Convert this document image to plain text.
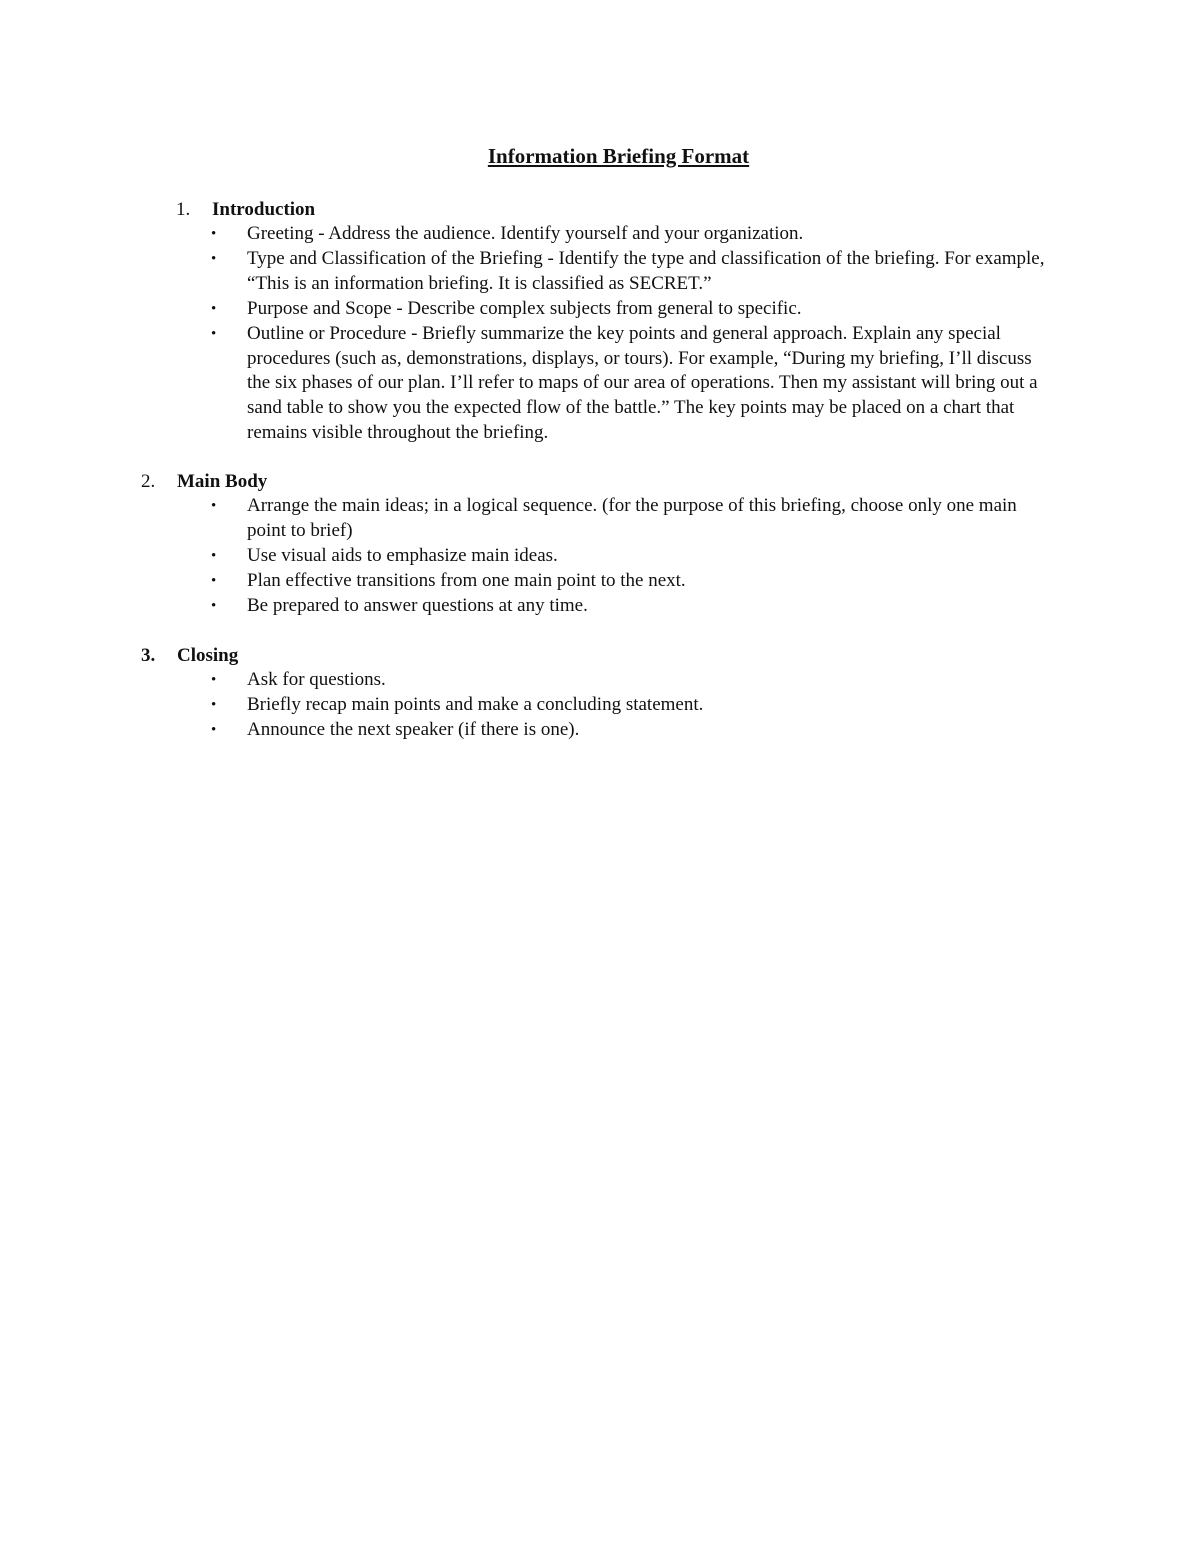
Information Briefing Format
1. Introduction
•	Greeting - Address the audience. Identify yourself and your organization.
•	Type and Classification of the Briefing - Identify the type and classification of the briefing. For example, “This is an information briefing. It is classified as SECRET.”
•	Purpose and Scope - Describe complex subjects from general to specific.
•	Outline or Procedure - Briefly summarize the key points and general approach. Explain any special procedures (such as, demonstrations, displays, or tours). For example, “During my briefing, I’ll discuss the six phases of our plan. I’ll refer to maps of our area of operations. Then my assistant will bring out a sand table to show you the expected flow of the battle.” The key points may be placed on a chart that remains visible throughout the briefing.
2. Main Body
•	Arrange the main ideas; in a logical sequence. (for the purpose of this briefing, choose only one main point to brief)
•	Use visual aids to emphasize main ideas.
•	Plan effective transitions from one main point to the next.
•	Be prepared to answer questions at any time.
3. Closing
•	Ask for questions.
•	Briefly recap main points and make a concluding statement.
•	Announce the next speaker (if there is one).
